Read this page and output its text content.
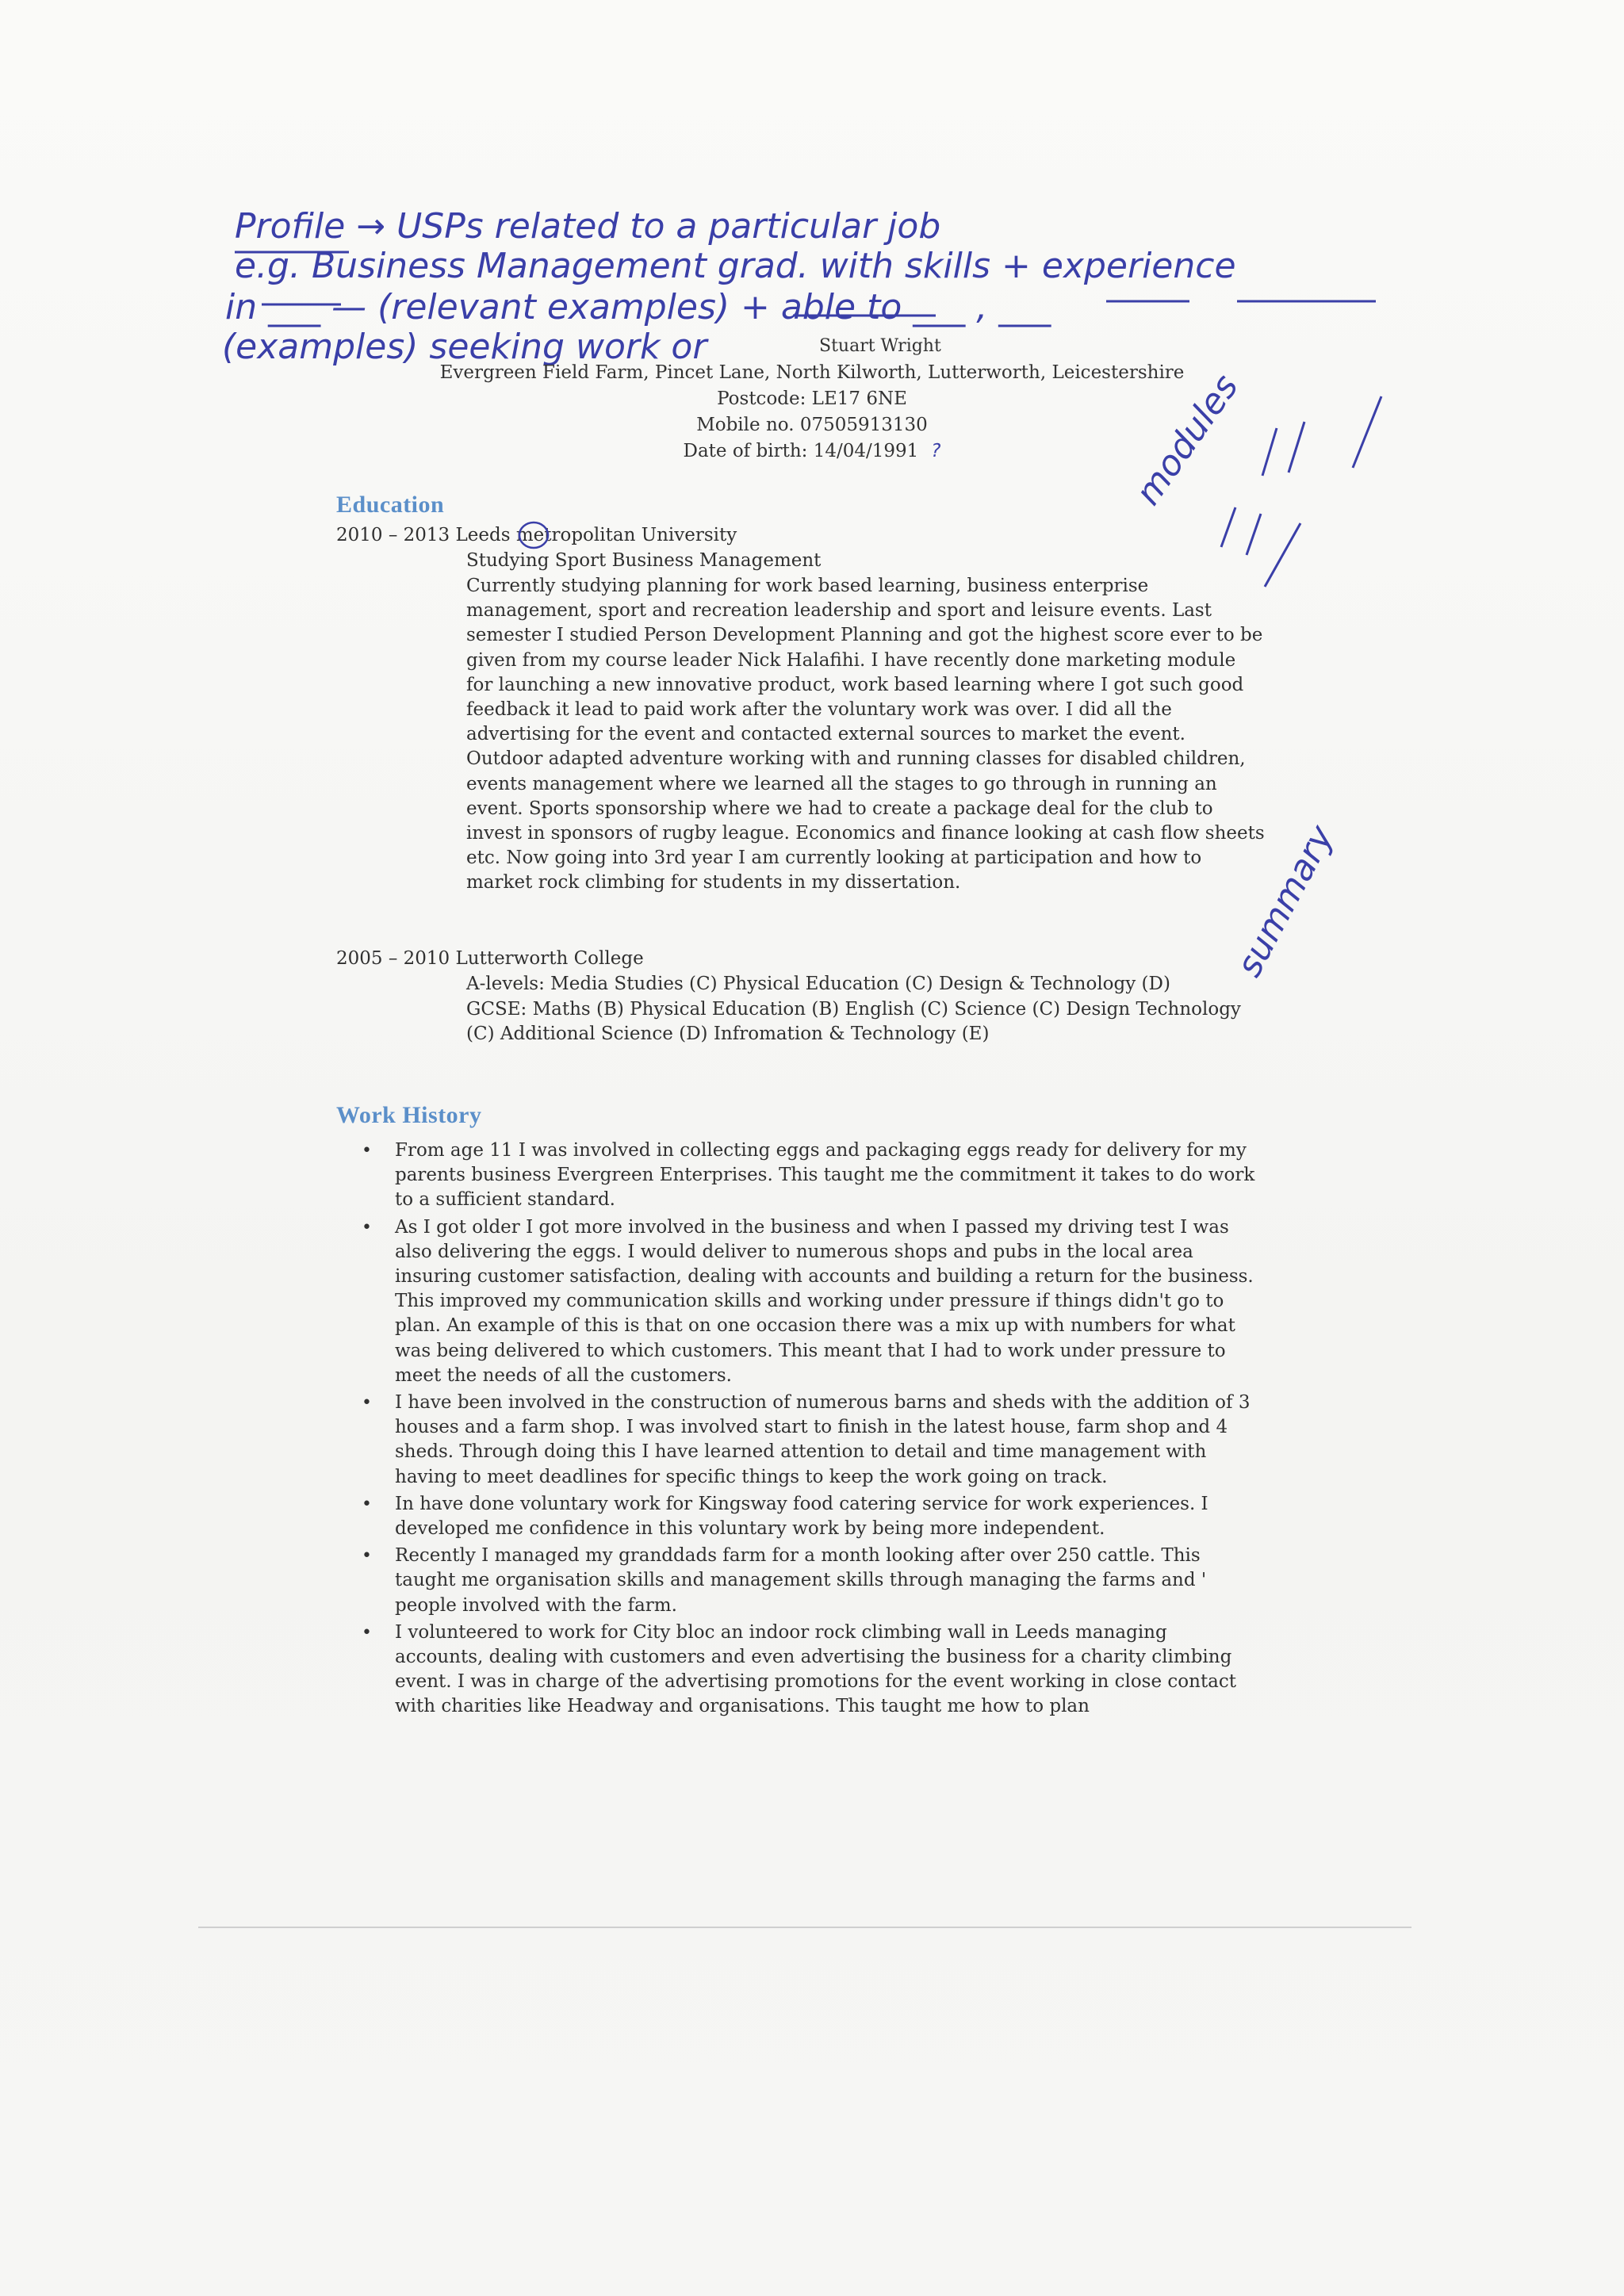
Profile → USPs related to a particular job
e.g. Business Management grad. with skills + experience
in ___ — (relevant examples) + able to ___ , ___
(examples) seeking work or
modules
summary
Stuart Wright
Evergreen Field Farm, Pincet Lane, North Kilworth, Lutterworth, Leicestershire
Postcode: LE17 6NE
Mobile no. 07505913130
Date of birth: 14/04/1991 ?
Education
2010 – 2013 Leeds metropolitan University
Studying Sport Business Management
Currently studying planning for work based learning, business enterprise management, sport and recreation leadership and sport and leisure events. Last semester I studied Person Development Planning and got the highest score ever to be given from my course leader Nick Halafihi. I have recently done marketing module for launching a new innovative product, work based learning where I got such good feedback it lead to paid work after the voluntary work was over. I did all the advertising for the event and contacted external sources to market the event. Outdoor adapted adventure working with and running classes for disabled children, events management where we learned all the stages to go through in running an event. Sports sponsorship where we had to create a package deal for the club to invest in sponsors of rugby league. Economics and finance looking at cash flow sheets etc. Now going into 3rd year I am currently looking at participation and how to market rock climbing for students in my dissertation.
2005 – 2010 Lutterworth College
A-levels: Media Studies (C) Physical Education (C) Design & Technology (D)
GCSE: Maths (B) Physical Education (B) English (C) Science (C) Design Technology (C) Additional Science (D) Infromation & Technology (E)
Work History
• From age 11 I was involved in collecting eggs and packaging eggs ready for delivery for my parents business Evergreen Enterprises. This taught me the commitment it takes to do work to a sufficient standard.
• As I got older I got more involved in the business and when I passed my driving test I was also delivering the eggs. I would deliver to numerous shops and pubs in the local area insuring customer satisfaction, dealing with accounts and building a return for the business. This improved my communication skills and working under pressure if things didn't go to plan. An example of this is that on one occasion there was a mix up with numbers for what was being delivered to which customers. This meant that I had to work under pressure to meet the needs of all the customers.
• I have been involved in the construction of numerous barns and sheds with the addition of 3 houses and a farm shop. I was involved start to finish in the latest house, farm shop and 4 sheds. Through doing this I have learned attention to detail and time management with having to meet deadlines for specific things to keep the work going on track.
• In have done voluntary work for Kingsway food catering service for work experiences. I developed me confidence in this voluntary work by being more independent.
• Recently I managed my granddads farm for a month looking after over 250 cattle. This taught me organisation skills and management skills through managing the farms and ' people involved with the farm.
• I volunteered to work for City bloc an indoor rock climbing wall in Leeds managing accounts, dealing with customers and even advertising the business for a charity climbing event. I was in charge of the advertising promotions for the event working in close contact with charities like Headway and organisations. This taught me how to plan
